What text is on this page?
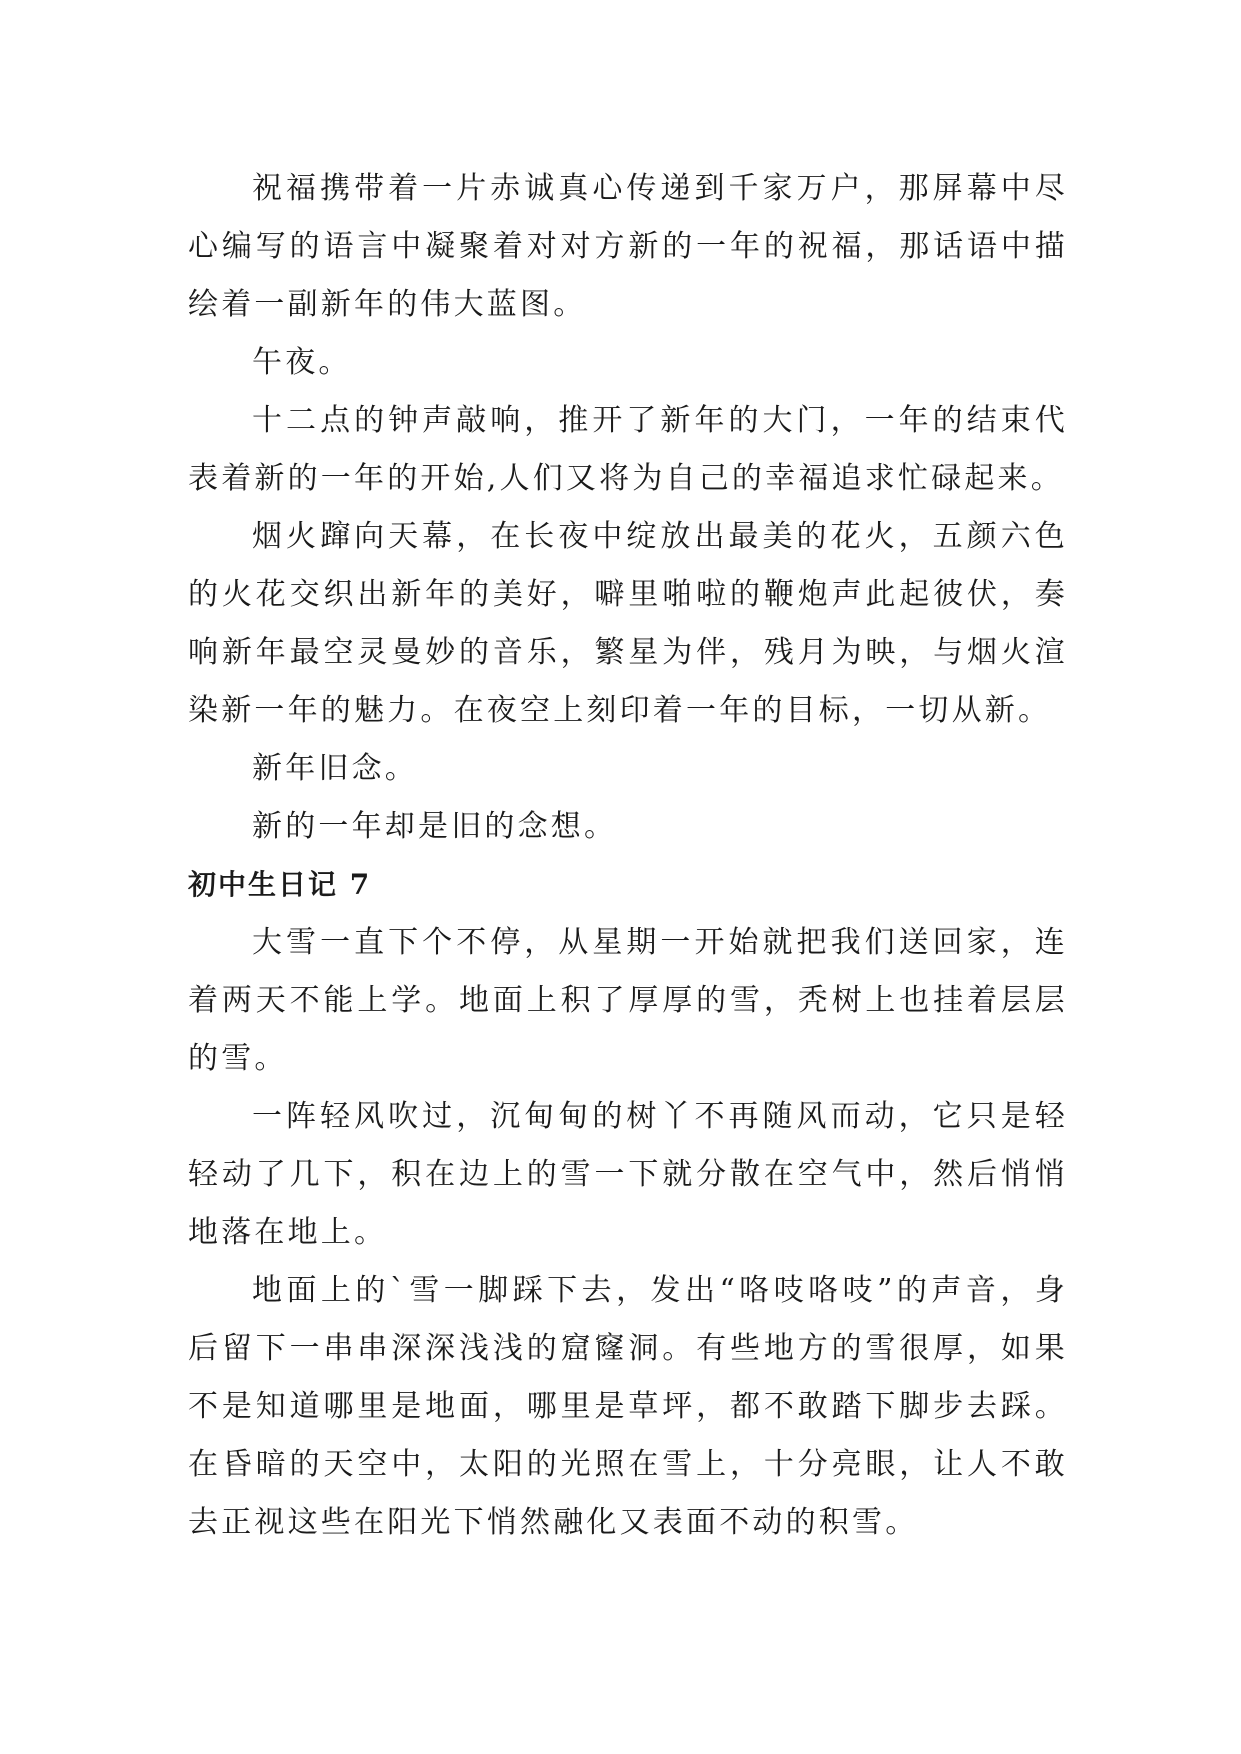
祝福携带着一片赤诚真心传递到千家万户，那屏幕中尽心编写的语言中凝聚着对对方新的一年的祝福，那话语中描绘着一副新年的伟大蓝图。

午夜。

十二点的钟声敲响，推开了新年的大门，一年的结束代表着新的一年的开始,人们又将为自己的幸福追求忙碌起来。

烟火蹿向天幕，在长夜中绽放出最美的花火，五颜六色的火花交织出新年的美好，噼里啪啦的鞭炮声此起彼伏，奏响新年最空灵曼妙的音乐，繁星为伴，残月为映，与烟火渲染新一年的魅力。在夜空上刻印着一年的目标，一切从新。

新年旧念。

新的一年却是旧的念想。

初中生日记 7

大雪一直下个不停，从星期一开始就把我们送回家，连着两天不能上学。地面上积了厚厚的雪，秃树上也挂着层层的雪。

一阵轻风吹过，沉甸甸的树丫不再随风而动，它只是轻轻动了几下，积在边上的雪一下就分散在空气中，然后悄悄地落在地上。

地面上的`雪一脚踩下去，发出“咯吱咯吱”的声音，身后留下一串串深深浅浅的窟窿洞。有些地方的雪很厚，如果不是知道哪里是地面，哪里是草坪，都不敢踏下脚步去踩。在昏暗的天空中，太阳的光照在雪上，十分亮眼，让人不敢去正视这些在阳光下悄然融化又表面不动的积雪。
